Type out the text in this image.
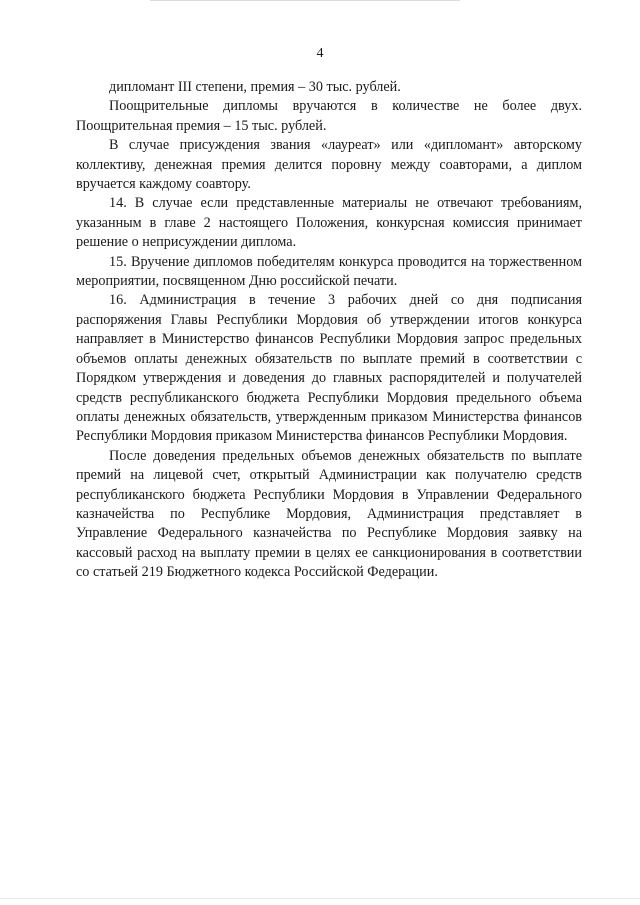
4

дипломант III степени, премия – 30 тыс. рублей.

Поощрительные дипломы вручаются в количестве не более двух. Поощрительная премия – 15 тыс. рублей.

В случае присуждения звания «лауреат» или «дипломант» авторскому коллективу, денежная премия делится поровну между соавторами, а диплом вручается каждому соавтору.

14. В случае если представленные материалы не отвечают требованиям, указанным в главе 2 настоящего Положения, конкурсная комиссия принимает решение о неприсуждении диплома.

15. Вручение дипломов победителям конкурса проводится на торжественном мероприятии, посвященном Дню российской печати.

16. Администрация в течение 3 рабочих дней со дня подписания распоряжения Главы Республики Мордовия об утверждении итогов конкурса направляет в Министерство финансов Республики Мордовия запрос предельных объемов оплаты денежных обязательств по выплате премий в соответствии с Порядком утверждения и доведения до главных распорядителей и получателей средств республиканского бюджета Республики Мордовия предельного объема оплаты денежных обязательств, утвержденным приказом Министерства финансов Республики Мордовия приказом Министерства финансов Республики Мордовия.

После доведения предельных объемов денежных обязательств по выплате премий на лицевой счет, открытый Администрации как получателю средств республиканского бюджета Республики Мордовия в Управлении Федерального казначейства по Республике Мордовия, Администрация представляет в Управление Федерального казначейства по Республике Мордовия заявку на кассовый расход на выплату премии в целях ее санкционирования в соответствии со статьей 219 Бюджетного кодекса Российской Федерации.
